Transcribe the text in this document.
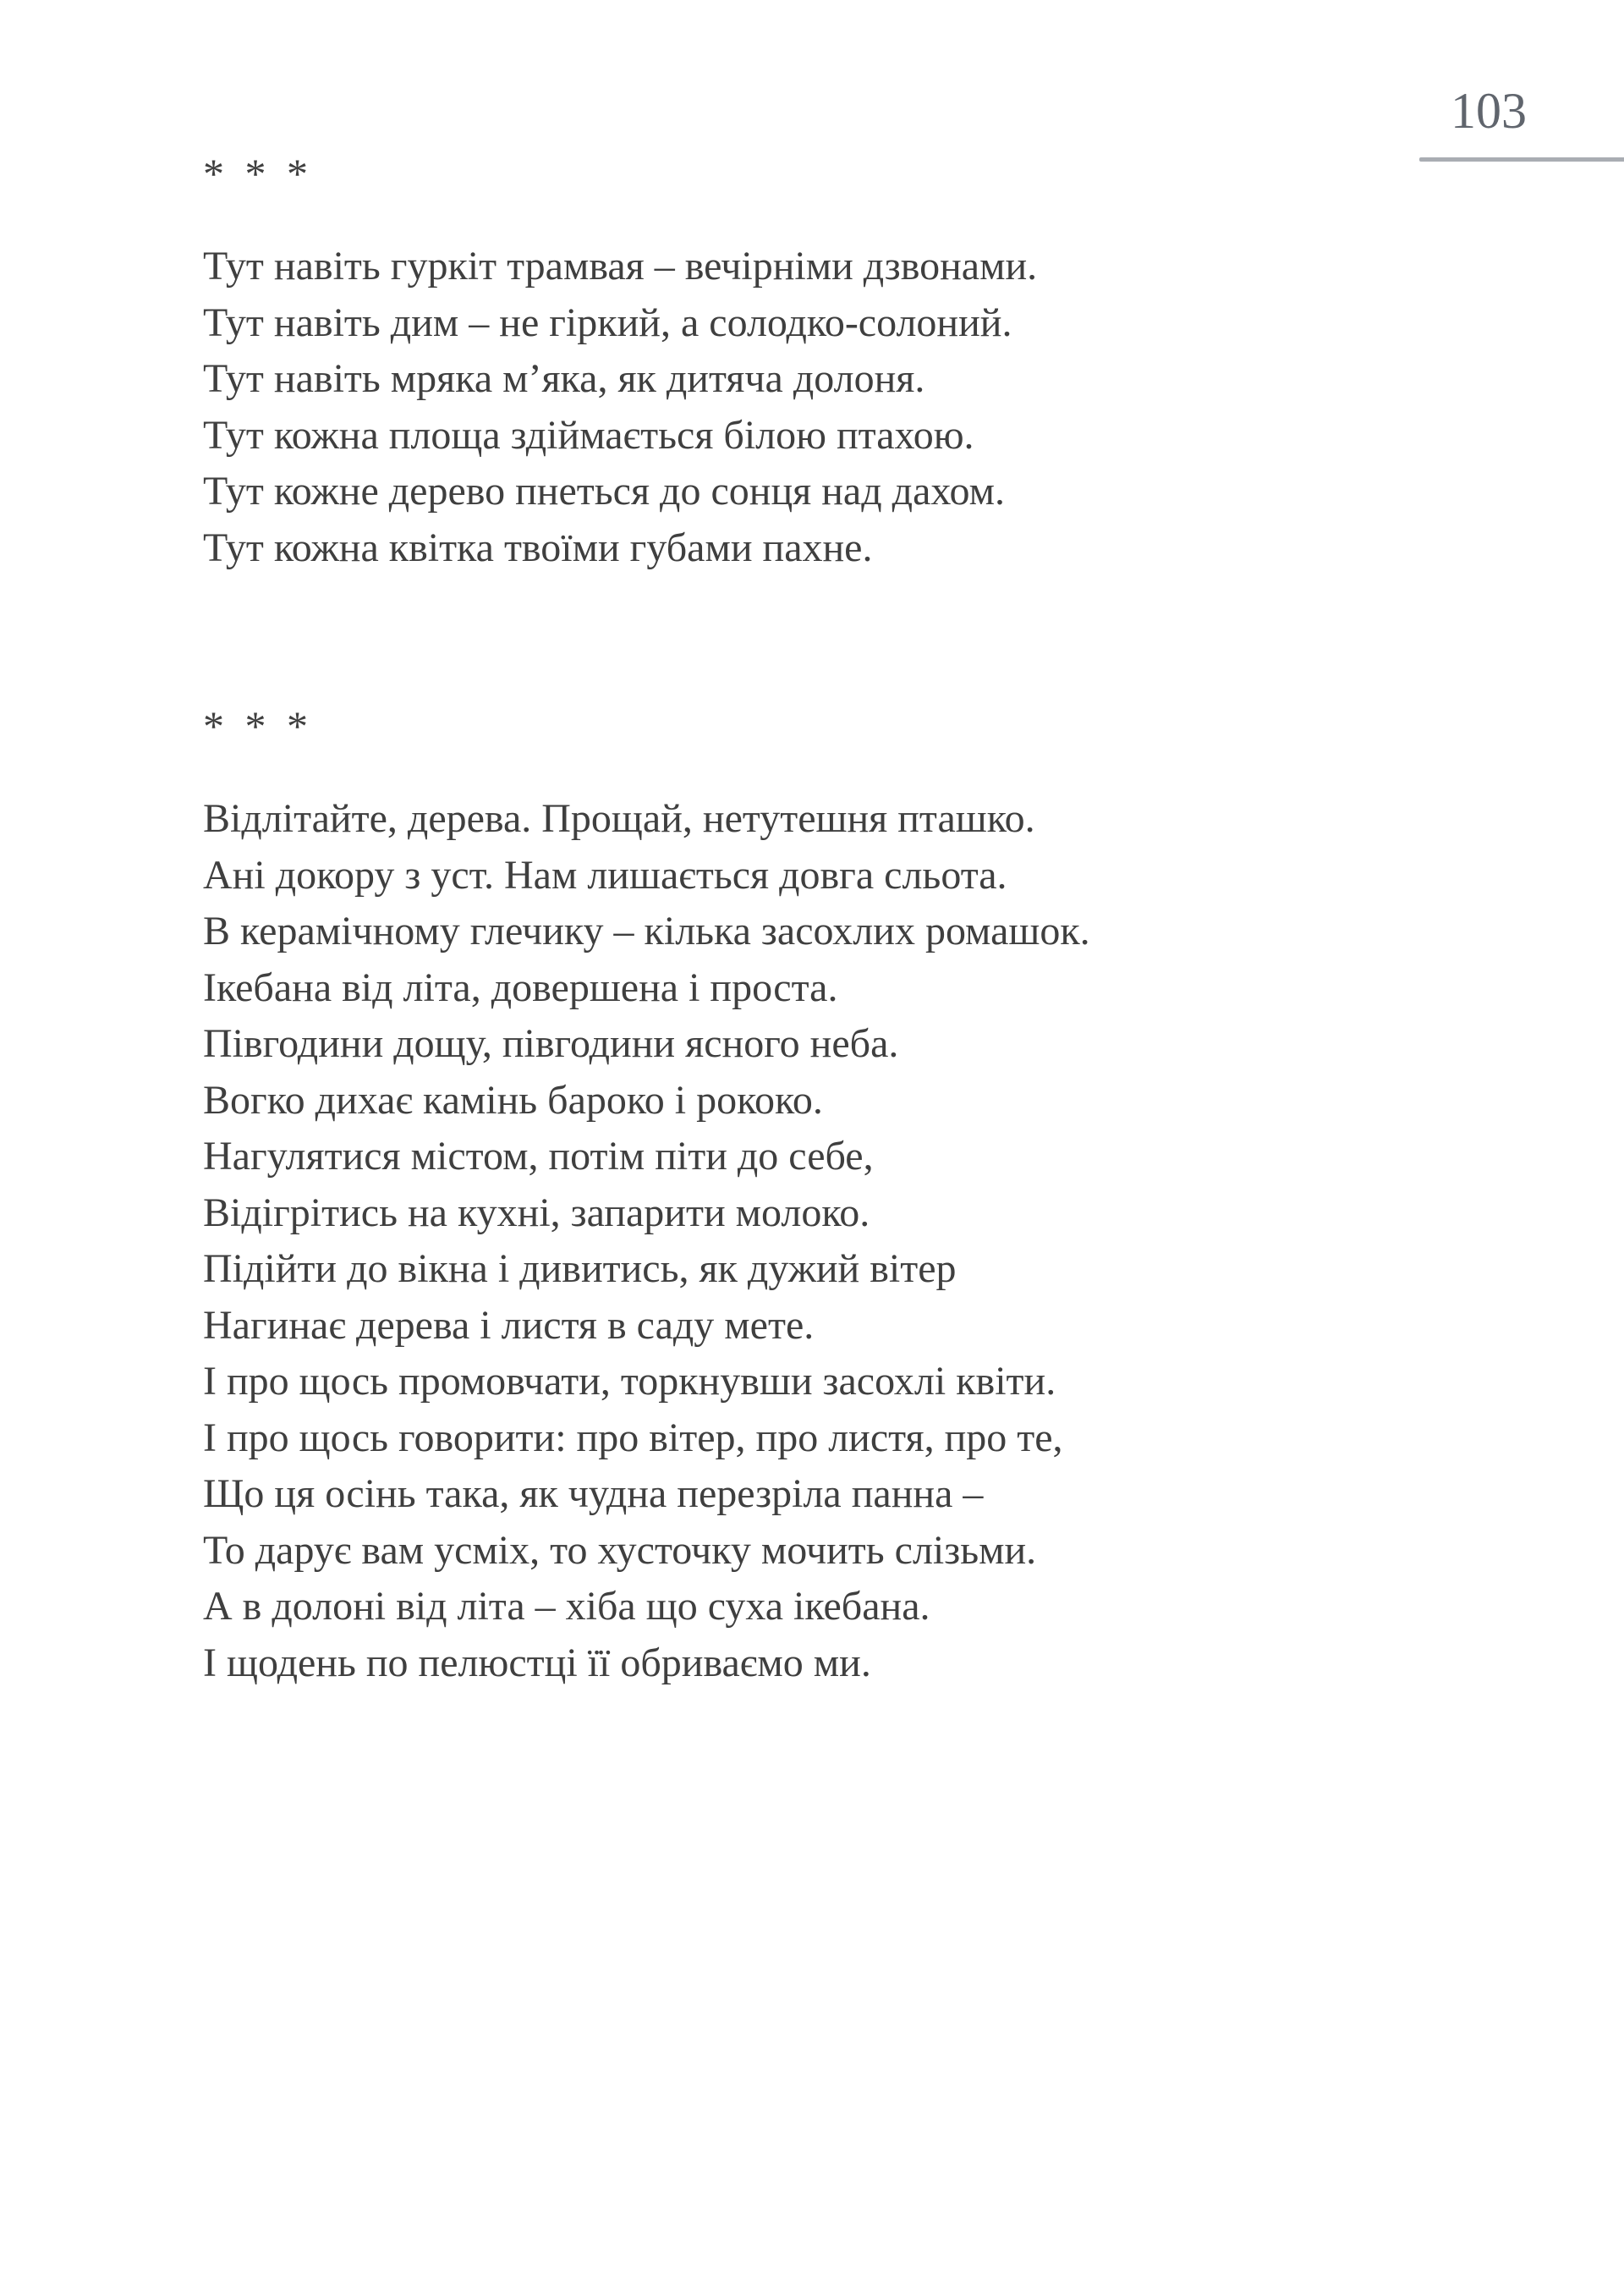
103
* * *

Тут навіть гуркіт трамвая – вечірніми дзвонами.

Тут навіть дим – не гіркий, а солодко-солоний.

Тут навіть мряка м’яка, як дитяча долоня.

Тут кожна площа здіймається білою птахою.

Тут кожне дерево пнеться до сонця над дахом.

Тут кожна квітка твоїми губами пахне.

* * *

Відлітайте, дерева. Прощай, нетутешня пташко.

Ані докору з уст. Нам лишається довга сльота.

В керамічному глечику – кілька засохлих ромашок.

Ікебана від літа, довершена і проста.

Півгодини дощу, півгодини ясного неба.

Вогко дихає камінь бароко і рококо.

Нагулятися містом, потім піти до себе,

Відігрітись на кухні, запарити молоко.

Підійти до вікна і дивитись, як дужий вітер

Нагинає дерева і листя в саду мете.

І про щось промовчати, торкнувши засохлі квіти.

І про щось говорити: про вітер, про листя, про те,

Що ця осінь така, як чудна перезріла панна –

То дарує вам усміх, то хусточку мочить слізьми.

А в долоні від літа – хіба що суха ікебана.

І щодень по пелюстці її обриваємо ми.
